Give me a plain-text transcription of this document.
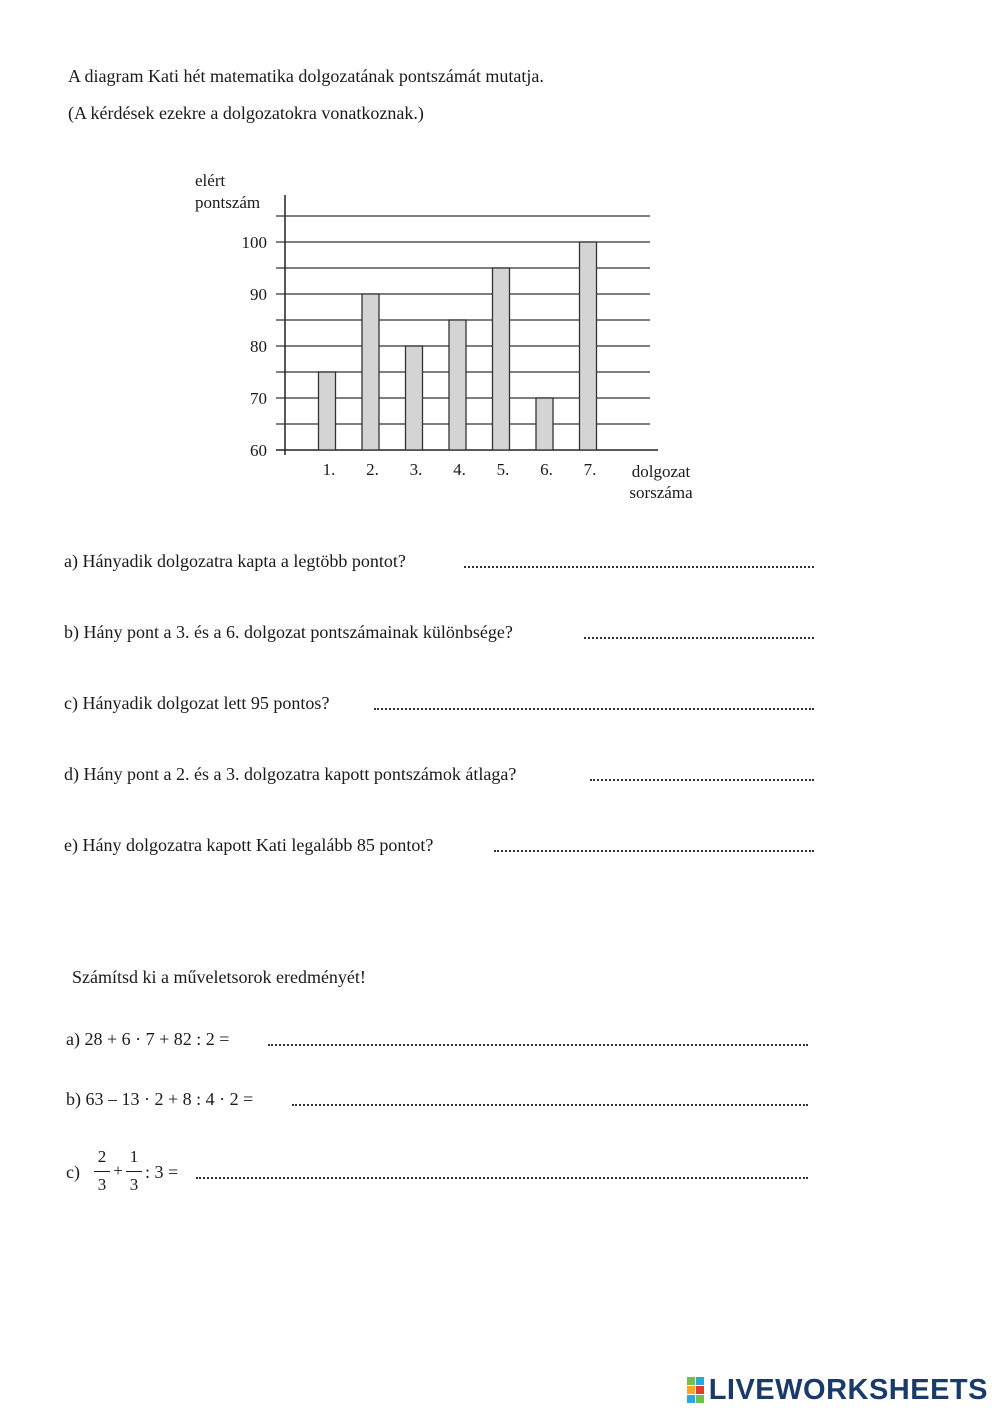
A diagram Kati hét matematika dolgozatának pontszámát mutatja.
(A kérdések ezekre a dolgozatokra vonatkoznak.)
60
70
80
90
100
1. 2. 3. 4. 5. 6. 7.
elért
pontszám
dolgozat
sorszáma
a) Hányadik dolgozatra kapta a legtöbb pontot?
b) Hány pont a 3. és a 6. dolgozat pontszámainak különbsége?
c) Hányadik dolgozat lett 95 pontos?
d) Hány pont a 2. és a 3. dolgozatra kapott pontszámok átlaga?
e) Hány dolgozatra kapott Kati legalább 85 pontot?
Számítsd ki a műveletsorok eredményét!
a) 28 + 6 · 7 + 82 : 2 =
b) 63 – 13 · 2 + 8 : 4 · 2 =
c)
2
3
+
1
3
: 3 =
LIVEWORKSHEETS
